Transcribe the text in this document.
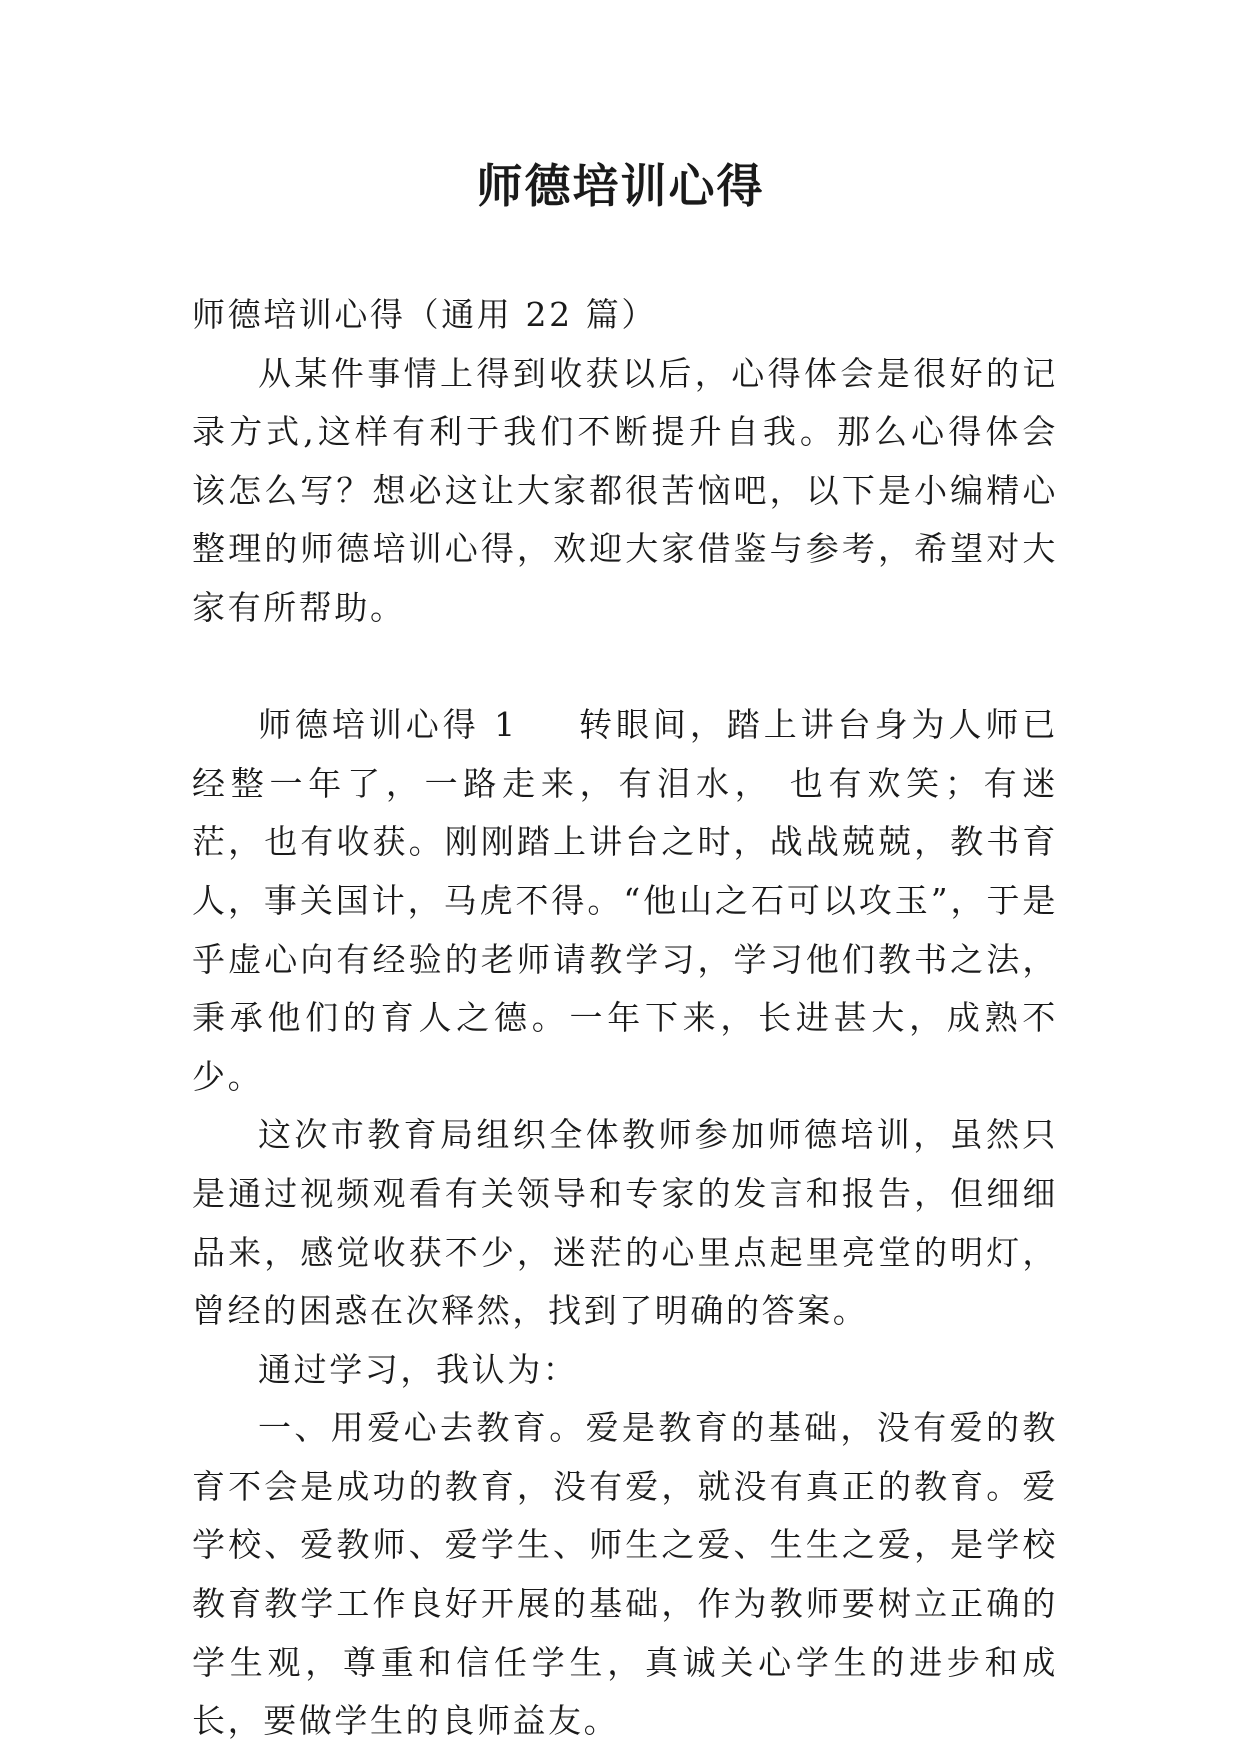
师德培训心得

师德培训心得（通用 22 篇）

从某件事情上得到收获以后，心得体会是很好的记录方式,这样有利于我们不断提升自我。那么心得体会该怎么写？想必这让大家都很苦恼吧，以下是小编精心整理的师德培训心得，欢迎大家借鉴与参考，希望对大家有所帮助。

师德培训心得 1 转眼间，踏上讲台身为人师已经整一年了，一路走来，有泪水， 也有欢笑；有迷茫，也有收获。刚刚踏上讲台之时，战战兢兢，教书育人，事关国计，马虎不得。“他山之石可以攻玉”，于是乎虚心向有经验的老师请教学习，学习他们教书之法，秉承他们的育人之德。一年下来，长进甚大，成熟不少。

这次市教育局组织全体教师参加师德培训，虽然只是通过视频观看有关领导和专家的发言和报告，但细细品来，感觉收获不少，迷茫的心里点起里亮堂的明灯，曾经的困惑在次释然，找到了明确的答案。

通过学习，我认为：

一、用爱心去教育。爱是教育的基础，没有爱的教育不会是成功的教育，没有爱，就没有真正的教育。爱学校、爱教师、爱学生、师生之爱、生生之爱，是学校教育教学工作良好开展的基础，作为教师要树立正确的学生观，尊重和信任学生，真诚关心学生的进步和成长，要做学生的良师益友。
